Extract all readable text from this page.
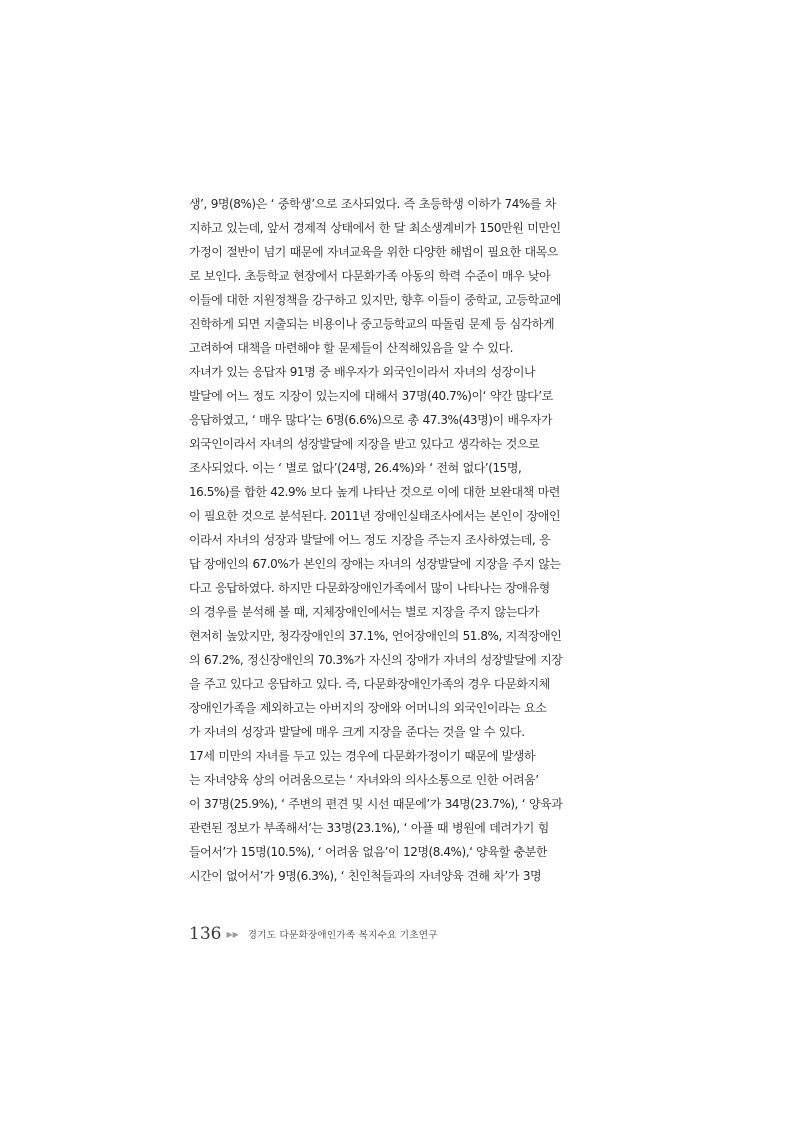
생’, 9명(8%)은 ‘ 중학생’으로 조사되었다. 즉 초등학생 이하가 74%를 차
지하고 있는데, 앞서 경제적 상태에서 한 달 최소생계비가 150만원 미만인
가정이 절반이 넘기 때문에 자녀교육을 위한 다양한 해법이 필요한 대목으
로 보인다. 초등학교 현장에서 다문화가족 아동의 학력 수준이 매우 낮아
이들에 대한 지원정책을 강구하고 있지만, 향후 이들이 중학교, 고등학교에
진학하게 되면 지출되는 비용이나 중고등학교의 따돌림 문제 등 심각하게
고려하여 대책을 마련해야 할 문제들이 산적해있음을 알 수 있다.
자녀가 있는 응답자 91명 중 배우자가 외국인이라서 자녀의 성장이나
발달에 어느 정도 지장이 있는지에 대해서 37명(40.7%)이‘ 약간 많다’로
응답하였고, ‘ 매우 많다’는 6명(6.6%)으로 총 47.3%(43명)이 배우자가
외국인이라서 자녀의 성장발달에 지장을 받고 있다고 생각하는 것으로
조사되었다. 이는 ‘ 별로 없다’(24명, 26.4%)와 ‘ 전혀 없다’(15명,
16.5%)를 합한 42.9% 보다 높게 나타난 것으로 이에 대한 보완대책 마련
이 필요한 것으로 분석된다. 2011년 장애인실태조사에서는 본인이 장애인
이라서 자녀의 성장과 발달에 어느 정도 지장을 주는지 조사하였는데, 응
답 장애인의 67.0%가 본인의 장애는 자녀의 성장발달에 지장을 주지 않는
다고 응답하였다. 하지만 다문화장애인가족에서 많이 나타나는 장애유형
의 경우를 분석해 볼 때, 지체장애인에서는 별로 지장을 주지 않는다가
현저히 높았지만, 청각장애인의 37.1%, 언어장애인의 51.8%, 지적장애인
의 67.2%, 정신장애인의 70.3%가 자신의 장애가 자녀의 성장발달에 지장
을 주고 있다고 응답하고 있다. 즉, 다문화장애인가족의 경우 다문화지체
장애인가족을 제외하고는 아버지의 장애와 어머니의 외국인이라는 요소
가 자녀의 성장과 발달에 매우 크게 지장을 준다는 것을 알 수 있다.
17세 미만의 자녀를 두고 있는 경우에 다문화가정이기 때문에 발생하
는 자녀양육 상의 어려움으로는 ‘ 자녀와의 의사소통으로 인한 어려움’
이 37명(25.9%), ‘ 주변의 편견 및 시선 때문에’가 34명(23.7%), ‘ 양육과
관련된 정보가 부족해서’는 33명(23.1%), ‘ 아플 때 병원에 데려가기 힘
들어서’가 15명(10.5%), ‘ 어려움 없음’이 12명(8.4%),‘ 양육할 충분한
시간이 없어서’가 9명(6.3%), ‘ 친인척들과의 자녀양육 견해 차’가 3명
136 ▶▶ 경기도 다문화장애인가족 복지수요 기초연구
